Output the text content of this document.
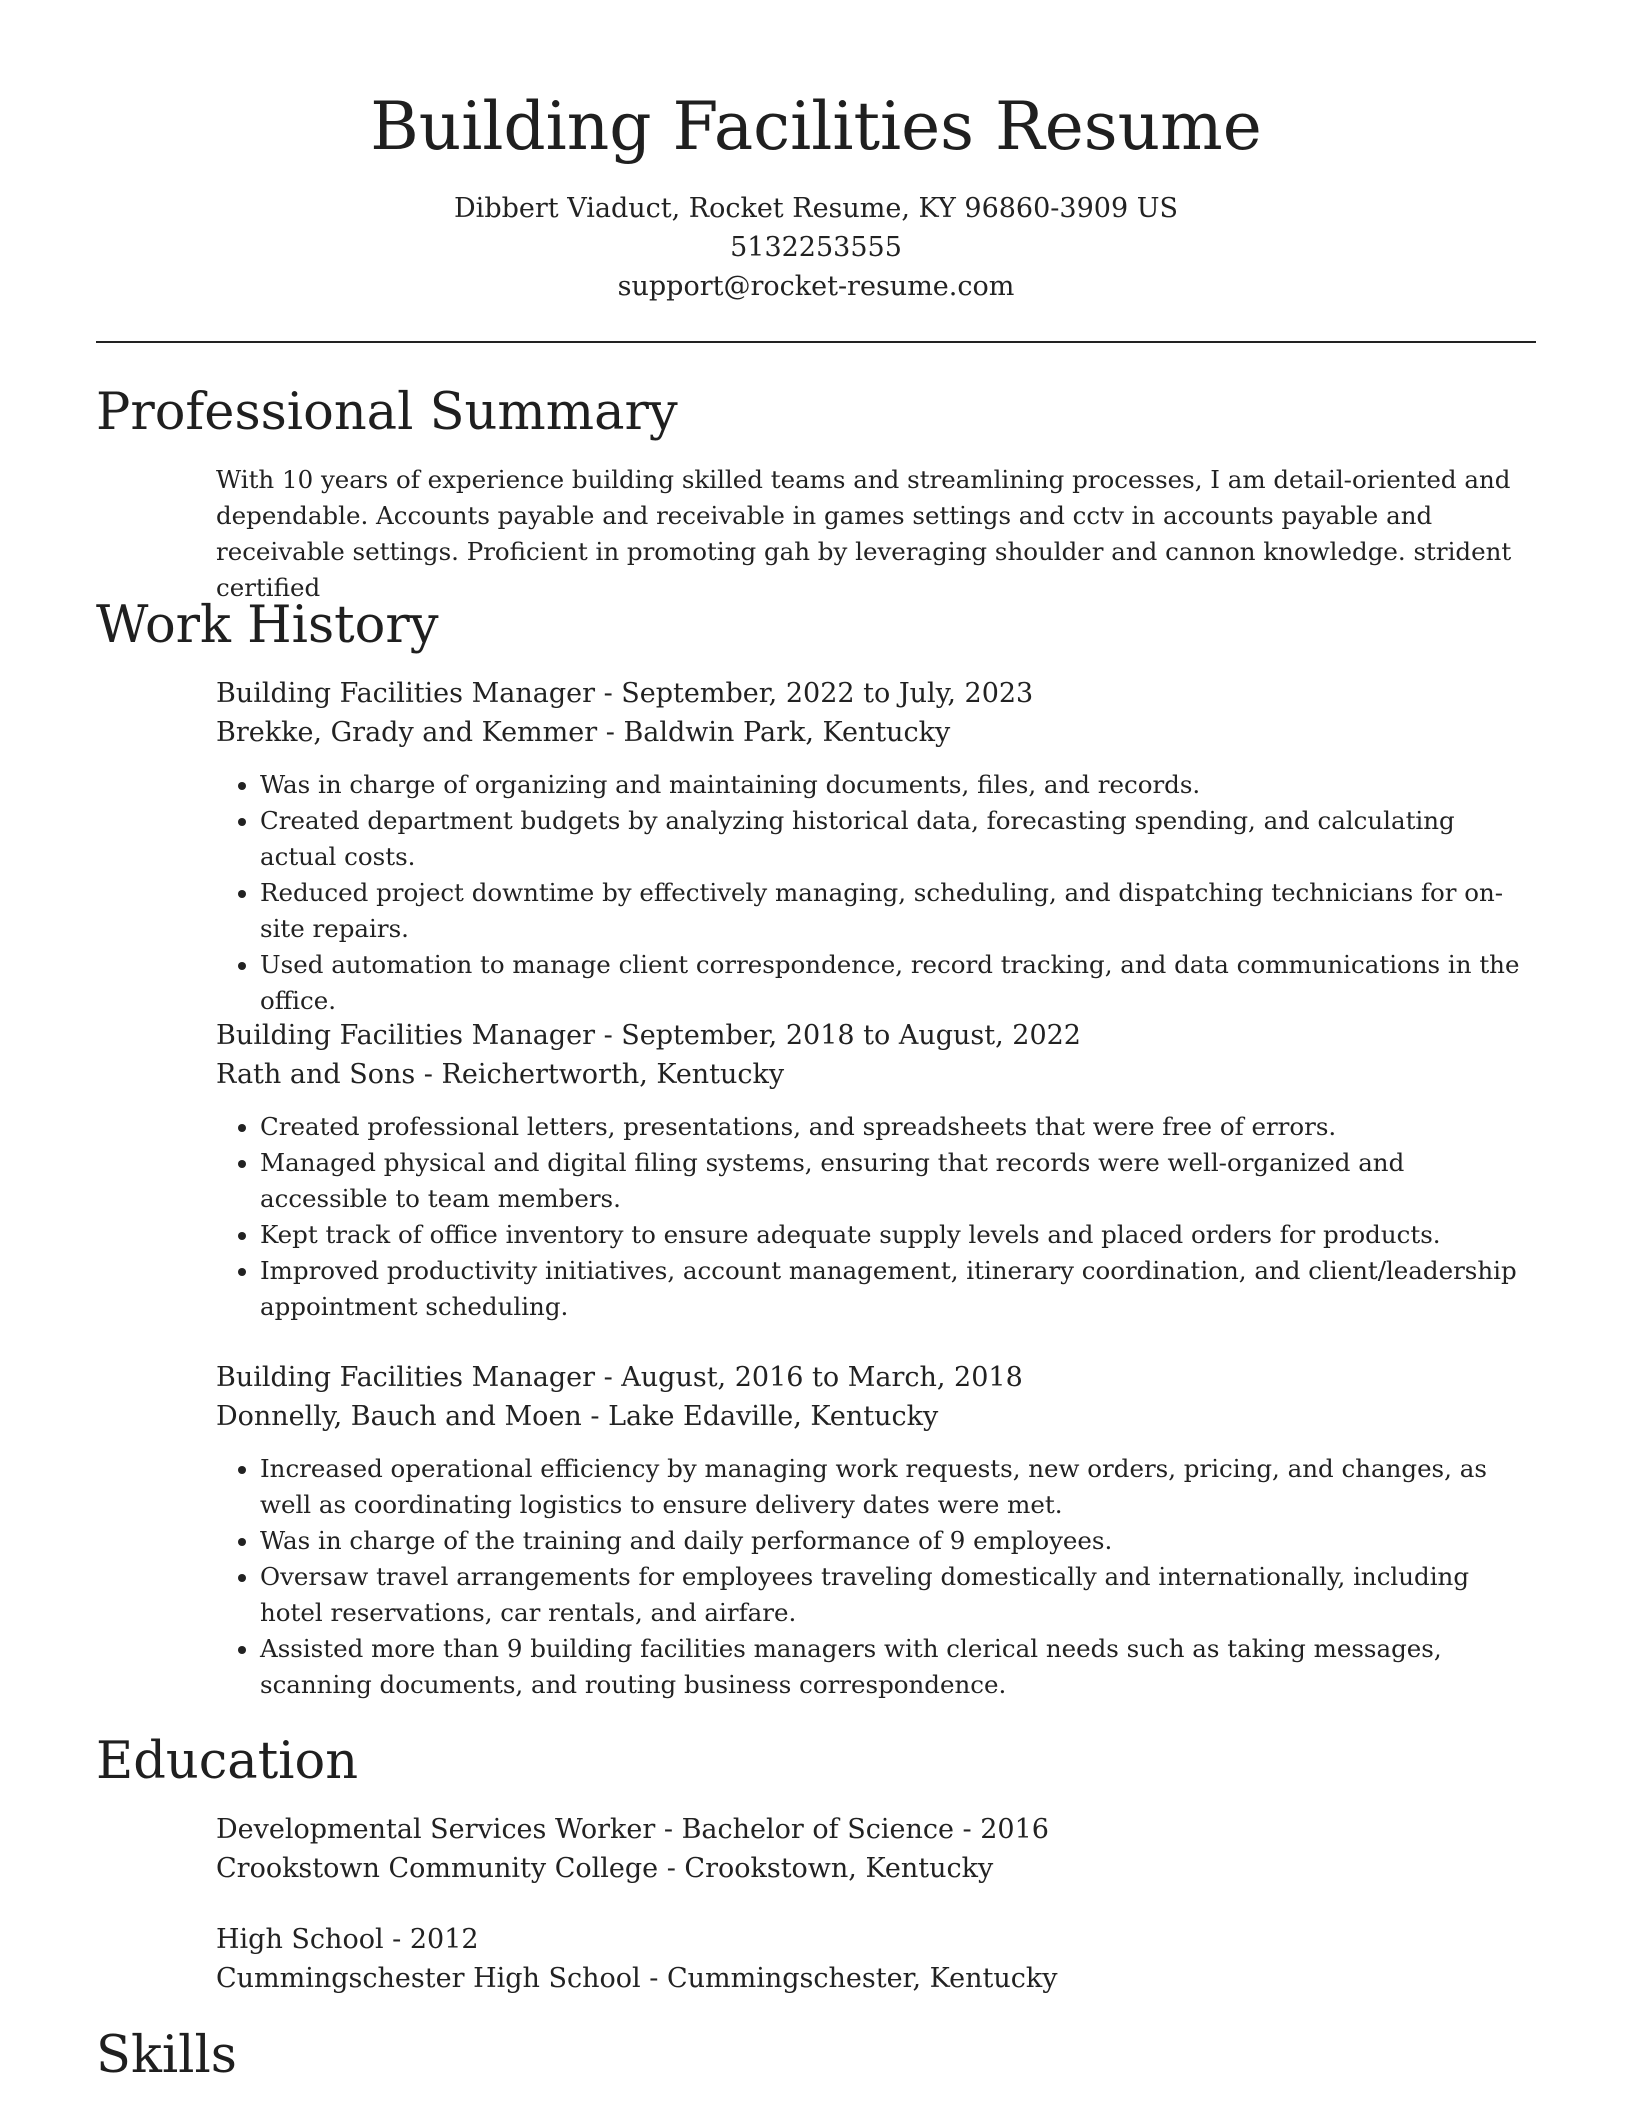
Building Facilities Resume

Dibbert Viaduct, Rocket Resume, KY 96860-3909 US

5132253555

support@rocket-resume.com

Professional Summary

With 10 years of experience building skilled teams and streamlining processes, I am detail-oriented and dependable. Accounts payable and receivable in games settings and cctv in accounts payable and receivable settings. Proficient in promoting gah by leveraging shoulder and cannon knowledge. strident certified

Work History

Building Facilities Manager - September, 2022 to July, 2023

Brekke, Grady and Kemmer - Baldwin Park, Kentucky

• Was in charge of organizing and maintaining documents, files, and records.
• Created department budgets by analyzing historical data, forecasting spending, and calculating actual costs.
• Reduced project downtime by effectively managing, scheduling, and dispatching technicians for on-site repairs.
• Used automation to manage client correspondence, record tracking, and data communications in the office.

Building Facilities Manager - September, 2018 to August, 2022

Rath and Sons - Reichertworth, Kentucky

• Created professional letters, presentations, and spreadsheets that were free of errors.
• Managed physical and digital filing systems, ensuring that records were well-organized and accessible to team members.
• Kept track of office inventory to ensure adequate supply levels and placed orders for products.
• Improved productivity initiatives, account management, itinerary coordination, and client/leadership appointment scheduling.

Building Facilities Manager - August, 2016 to March, 2018

Donnelly, Bauch and Moen - Lake Edaville, Kentucky

• Increased operational efficiency by managing work requests, new orders, pricing, and changes, as well as coordinating logistics to ensure delivery dates were met.
• Was in charge of the training and daily performance of 9 employees.
• Oversaw travel arrangements for employees traveling domestically and internationally, including hotel reservations, car rentals, and airfare.
• Assisted more than 9 building facilities managers with clerical needs such as taking messages, scanning documents, and routing business correspondence.
Education

Developmental Services Worker - Bachelor of Science - 2016

Crookstown Community College - Crookstown, Kentucky

High School - 2012

Cummingschester High School - Cummingschester, Kentucky

Skills
